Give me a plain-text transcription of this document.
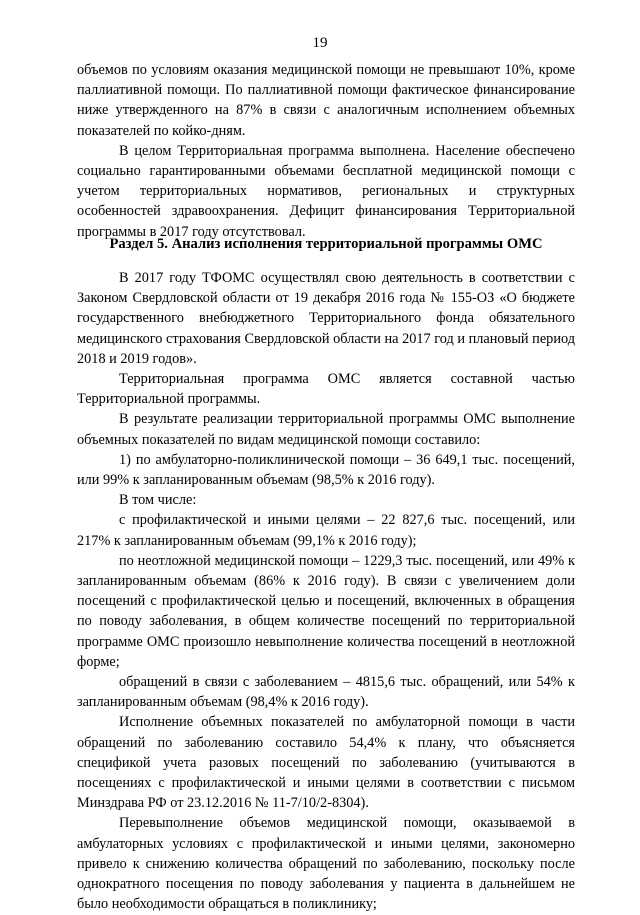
19

объемов по условиям оказания медицинской помощи не превышают 10%, кроме паллиативной помощи. По паллиативной помощи фактическое финансирование ниже утвержденного на 87% в связи с аналогичным исполнением объемных показателей по койко-дням.

В целом Территориальная программа выполнена. Население обеспечено социально гарантированными объемами бесплатной медицинской помощи с учетом территориальных нормативов, региональных и структурных особенностей здравоохранения. Дефицит финансирования Территориальной программы в 2017 году отсутствовал.

Раздел 5. Анализ исполнения территориальной программы ОМС

В 2017 году ТФОМС осуществлял свою деятельность в соответствии с Законом Свердловской области от 19 декабря 2016 года № 155-ОЗ «О бюджете государственного внебюджетного Территориального фонда обязательного медицинского страхования Свердловской области на 2017 год и плановый период 2018 и 2019 годов».

Территориальная программа ОМС является составной частью Территориальной программы.

В результате реализации территориальной программы ОМС выполнение объемных показателей по видам медицинской помощи составило:

1) по амбулаторно-поликлинической помощи – 36 649,1 тыс. посещений, или 99% к запланированным объемам (98,5% к 2016 году).

В том числе:

с профилактической и иными целями – 22 827,6 тыс. посещений, или 217% к запланированным объемам (99,1% к 2016 году);

по неотложной медицинской помощи – 1229,3 тыс. посещений, или 49% к запланированным объемам (86% к 2016 году). В связи с увеличением доли посещений с профилактической целью и посещений, включенных в обращения по поводу заболевания, в общем количестве посещений по территориальной программе ОМС произошло невыполнение количества посещений в неотложной форме;

обращений в связи с заболеванием – 4815,6 тыс. обращений, или 54% к запланированным объемам (98,4% к 2016 году).

Исполнение объемных показателей по амбулаторной помощи в части обращений по заболеванию составило 54,4% к плану, что объясняется спецификой учета разовых посещений по заболеванию (учитываются в посещениях с профилактической и иными целями в соответствии с письмом Минздрава РФ от 23.12.2016 № 11-7/10/2-8304).

Перевыполнение объемов медицинской помощи, оказываемой в амбулаторных условиях с профилактической и иными целями, закономерно привело к снижению количества обращений по заболеванию, поскольку после однократного посещения по поводу заболевания у пациента в дальнейшем не было необходимости обращаться в поликлинику;
